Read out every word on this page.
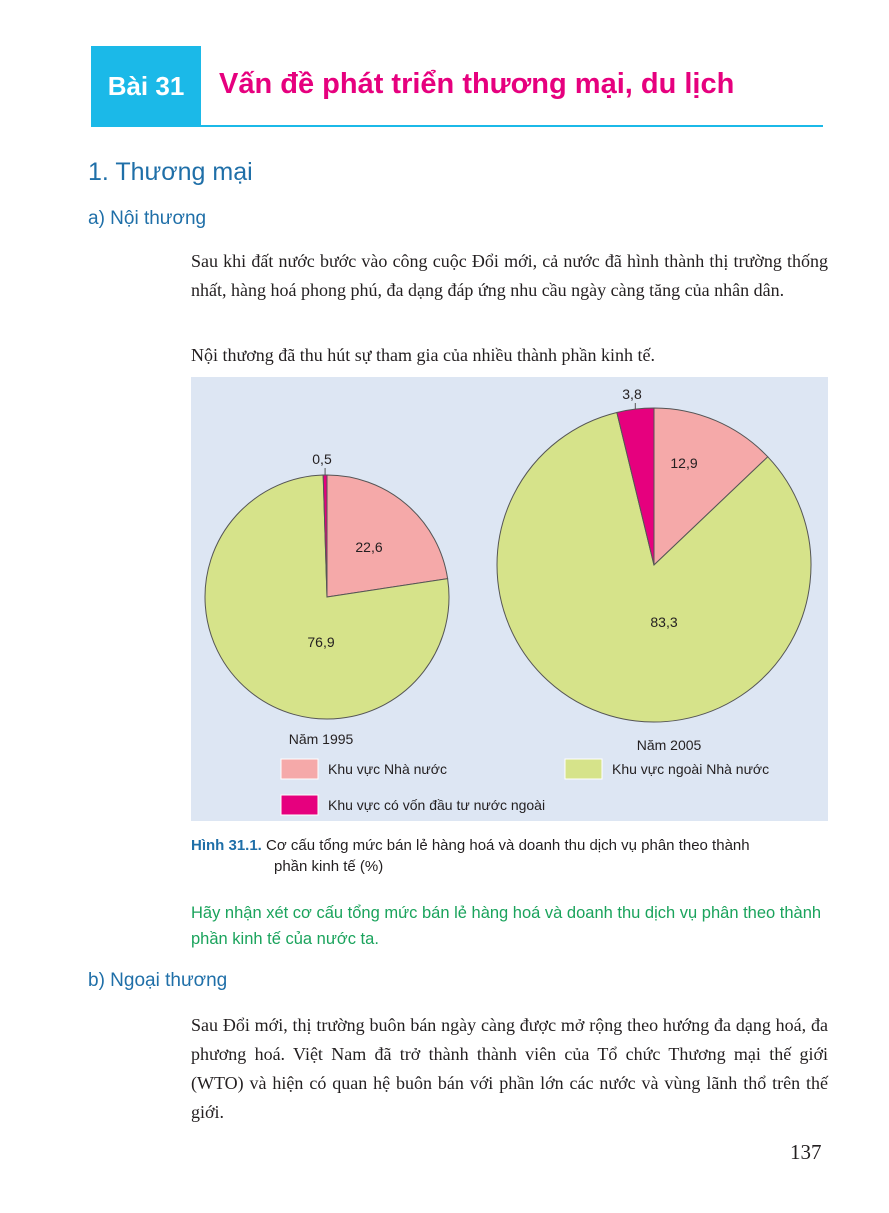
Bài 31	Vấn đề phát triển thương mại, du lịch
1. Thương mại
a) Nội thương
Sau khi đất nước bước vào công cuộc Đổi mới, cả nước đã hình thành thị trường thống nhất, hàng hoá phong phú, đa dạng đáp ứng nhu cầu ngày càng tăng của nhân dân.
Nội thương đã thu hút sự tham gia của nhiều thành phần kinh tế.
22,6
76,9
0,5
Năm 1995
12,9
83,3
3,8
Năm 2005
Khu vực Nhà nước	Khu vực ngoài Nhà nước
Khu vực có vốn đầu tư nước ngoài
Hình 31.1. Cơ cấu tổng mức bán lẻ hàng hoá và doanh thu dịch vụ phân theo thành
phần kinh tế (%)
Hãy nhận xét cơ cấu tổng mức bán lẻ hàng hoá và doanh thu dịch vụ phân theo thành phần kinh tế của nước ta.
b) Ngoại thương
Sau Đổi mới, thị trường buôn bán ngày càng được mở rộng theo hướng đa dạng hoá, đa phương hoá. Việt Nam đã trở thành thành viên của Tổ chức Thương mại thế giới (WTO) và hiện có quan hệ buôn bán với phần lớn các nước và vùng lãnh thổ trên thế giới.
137
